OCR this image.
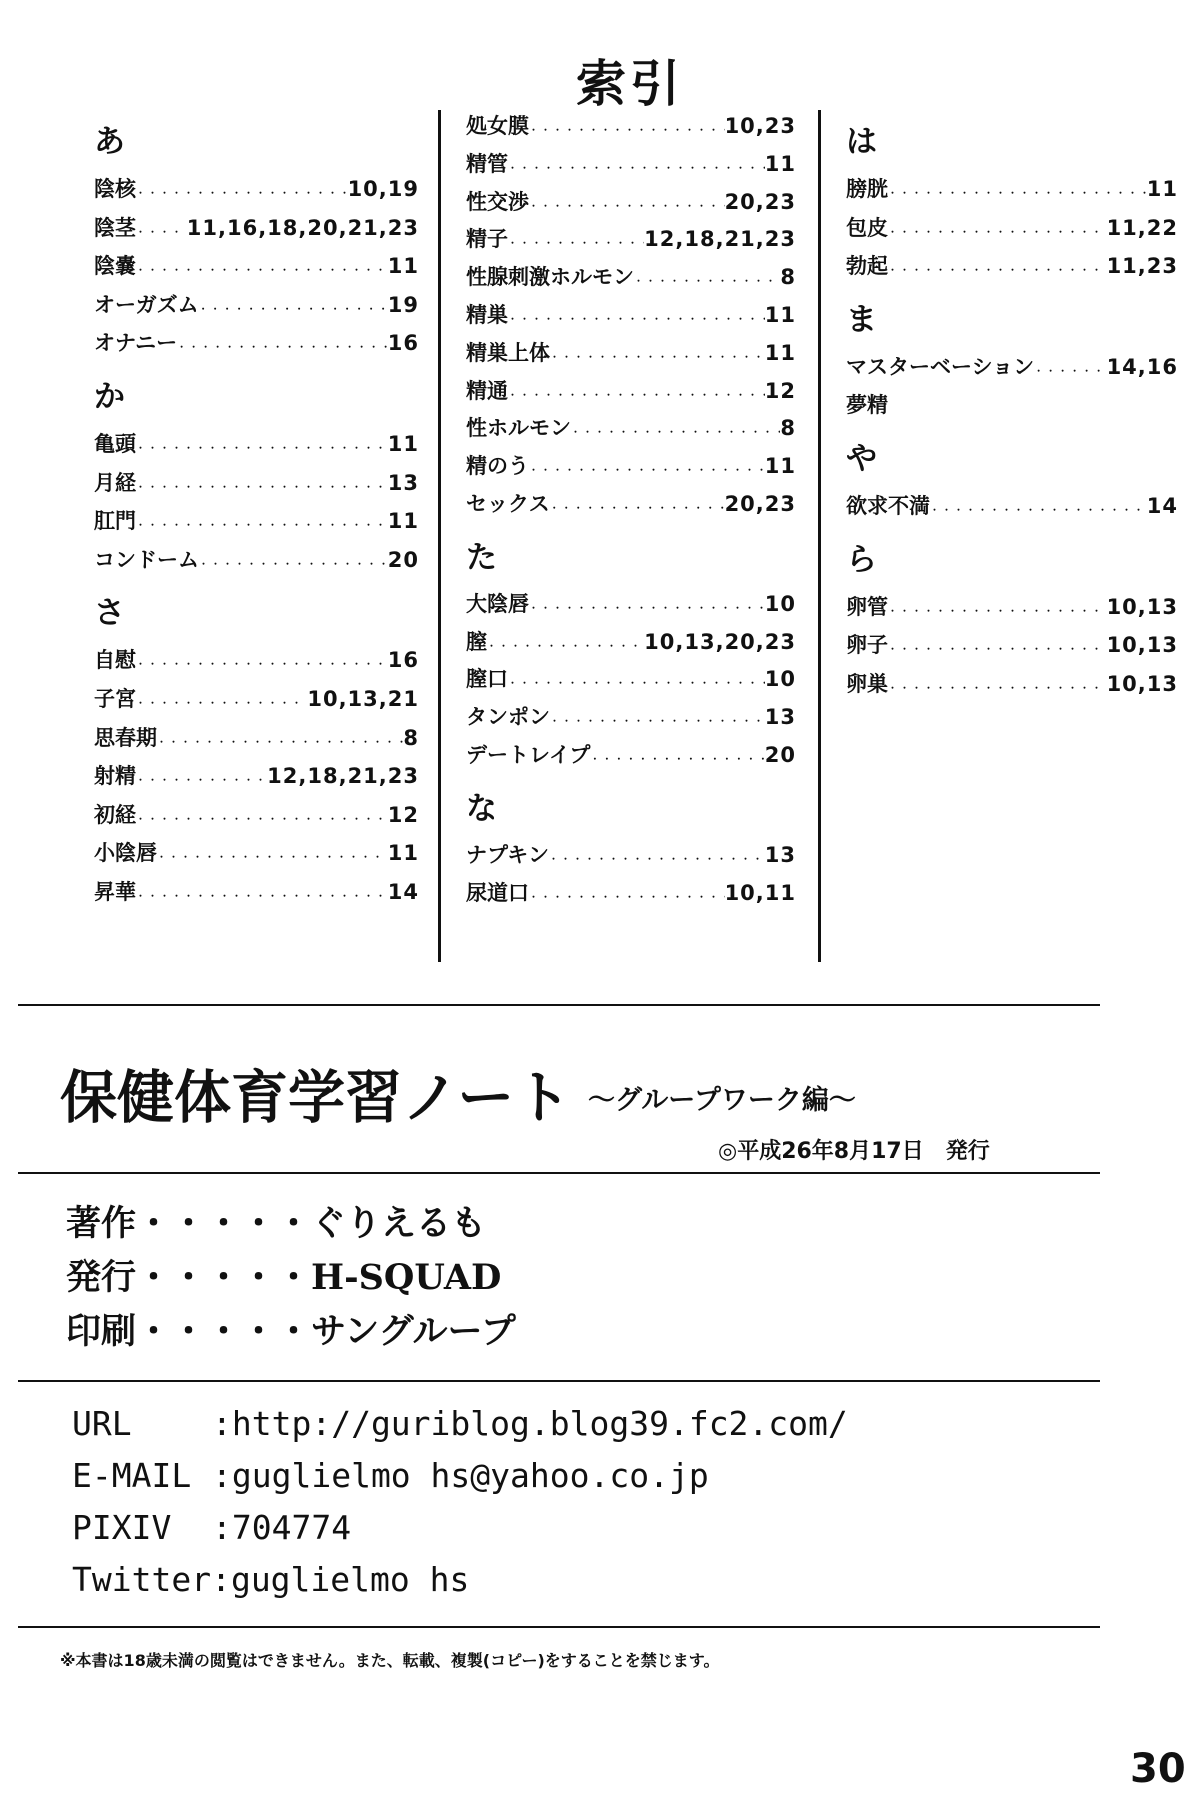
索引
あ
陰核 ・・・・・・・・・・・・・・・・・・・・・・・・・・・・・・・・・・・・・・・・	10,19
陰茎 ・・・・・・・・・・・・・・・・・・・・・・・・・・・・・・・・・・・・・・・・ 11,16,18,20,21,23
陰嚢 ・・・・・・・・・・・・・・・・・・・・・・・・・・・・・・・・・・・・・・・・	11
オーガズム ・・・・・・・・・・・・・・・・・・・・・・・・・・・・・・・・・・・・・・・・	19
オナニー ・・・・・・・・・・・・・・・・・・・・・・・・・・・・・・・・・・・・・・・・	16
か
亀頭 ・・・・・・・・・・・・・・・・・・・・・・・・・・・・・・・・・・・・・・・・	11
月経 ・・・・・・・・・・・・・・・・・・・・・・・・・・・・・・・・・・・・・・・・	13
肛門 ・・・・・・・・・・・・・・・・・・・・・・・・・・・・・・・・・・・・・・・・	11
コンドーム ・・・・・・・・・・・・・・・・・・・・・・・・・・・・・・・・・・・・・・・・	20
さ
自慰 ・・・・・・・・・・・・・・・・・・・・・・・・・・・・・・・・・・・・・・・・	16
子宮 ・・・・・・・・・・・・・・・・・・・・・・・・・・・・・・・・・・・・・・・・	10,13,21
思春期 ・・・・・・・・・・・・・・・・・・・・・・・・・・・・・・・・・・・・・・・・	8
射精 ・・・・・・・・・・・・・・・・・・・・・・・・・・・・・・・・・・・・・・・・	12,18,21,23
初経 ・・・・・・・・・・・・・・・・・・・・・・・・・・・・・・・・・・・・・・・・	12
小陰唇 ・・・・・・・・・・・・・・・・・・・・・・・・・・・・・・・・・・・・・・・・	11
昇華 ・・・・・・・・・・・・・・・・・・・・・・・・・・・・・・・・・・・・・・・・	14
処女膜 ・・・・・・・・・・・・・・・・・・・・・・・・・・・・・・・・・・・・・・・・	10,23
精管 ・・・・・・・・・・・・・・・・・・・・・・・・・・・・・・・・・・・・・・・・	11
性交渉 ・・・・・・・・・・・・・・・・・・・・・・・・・・・・・・・・・・・・・・・・	20,23
精子 ・・・・・・・・・・・・・・・・・・・・・・・・・・・・・・・・・・・・・・・・	12,18,21,23
性腺刺激ホルモン ・・・・・・・・・・・・・・・・・・・・・・・・・・・・・・・・・・・・・・・・	8
精巣 ・・・・・・・・・・・・・・・・・・・・・・・・・・・・・・・・・・・・・・・・	11
精巣上体 ・・・・・・・・・・・・・・・・・・・・・・・・・・・・・・・・・・・・・・・・	11
精通 ・・・・・・・・・・・・・・・・・・・・・・・・・・・・・・・・・・・・・・・・	12
性ホルモン ・・・・・・・・・・・・・・・・・・・・・・・・・・・・・・・・・・・・・・・・	8
精のう ・・・・・・・・・・・・・・・・・・・・・・・・・・・・・・・・・・・・・・・・	11
セックス ・・・・・・・・・・・・・・・・・・・・・・・・・・・・・・・・・・・・・・・・	20,23
た
大陰唇 ・・・・・・・・・・・・・・・・・・・・・・・・・・・・・・・・・・・・・・・・	10
膣 ・・・・・・・・・・・・・・・・・・・・・・・・・・・・・・・・・・・・・・・・	10,13,20,23
膣口 ・・・・・・・・・・・・・・・・・・・・・・・・・・・・・・・・・・・・・・・・	10
タンポン ・・・・・・・・・・・・・・・・・・・・・・・・・・・・・・・・・・・・・・・・	13
デートレイプ ・・・・・・・・・・・・・・・・・・・・・・・・・・・・・・・・・・・・・・・・	20
な
ナプキン ・・・・・・・・・・・・・・・・・・・・・・・・・・・・・・・・・・・・・・・・	13
尿道口 ・・・・・・・・・・・・・・・・・・・・・・・・・・・・・・・・・・・・・・・・	10,11
は
膀胱 ・・・・・・・・・・・・・・・・・・・・・・・・・・・・・・・・・・・・・・・・	11
包皮 ・・・・・・・・・・・・・・・・・・・・・・・・・・・・・・・・・・・・・・・・	11,22
勃起 ・・・・・・・・・・・・・・・・・・・・・・・・・・・・・・・・・・・・・・・・	11,23
ま
マスターベーション ・・・・・・・・・・・・・・・・・・・・・・・・・・・・・・・・・・・・・・・・	14,16
夢精
や
欲求不満 ・・・・・・・・・・・・・・・・・・・・・・・・・・・・・・・・・・・・・・・・	14
ら
卵管 ・・・・・・・・・・・・・・・・・・・・・・・・・・・・・・・・・・・・・・・・	10,13
卵子 ・・・・・・・・・・・・・・・・・・・・・・・・・・・・・・・・・・・・・・・・	10,13
卵巣 ・・・・・・・・・・・・・・・・・・・・・・・・・・・・・・・・・・・・・・・・	10,13
保健体育学習ノート ～グループワーク編～
◎平成26年8月17日　発行
著作・・・・・ぐりえるも
発行・・・・・H-SQUAD
印刷・・・・・サングループ
URL :http://guriblog.blog39.fc2.com/
E-MAIL :guglielmo hs@yahoo.co.jp
PIXIV :704774
Twitter:guglielmo hs
※本書は18歳未満の閲覧はできません。また、転載、複製(コピー)をすることを禁じます。
30
